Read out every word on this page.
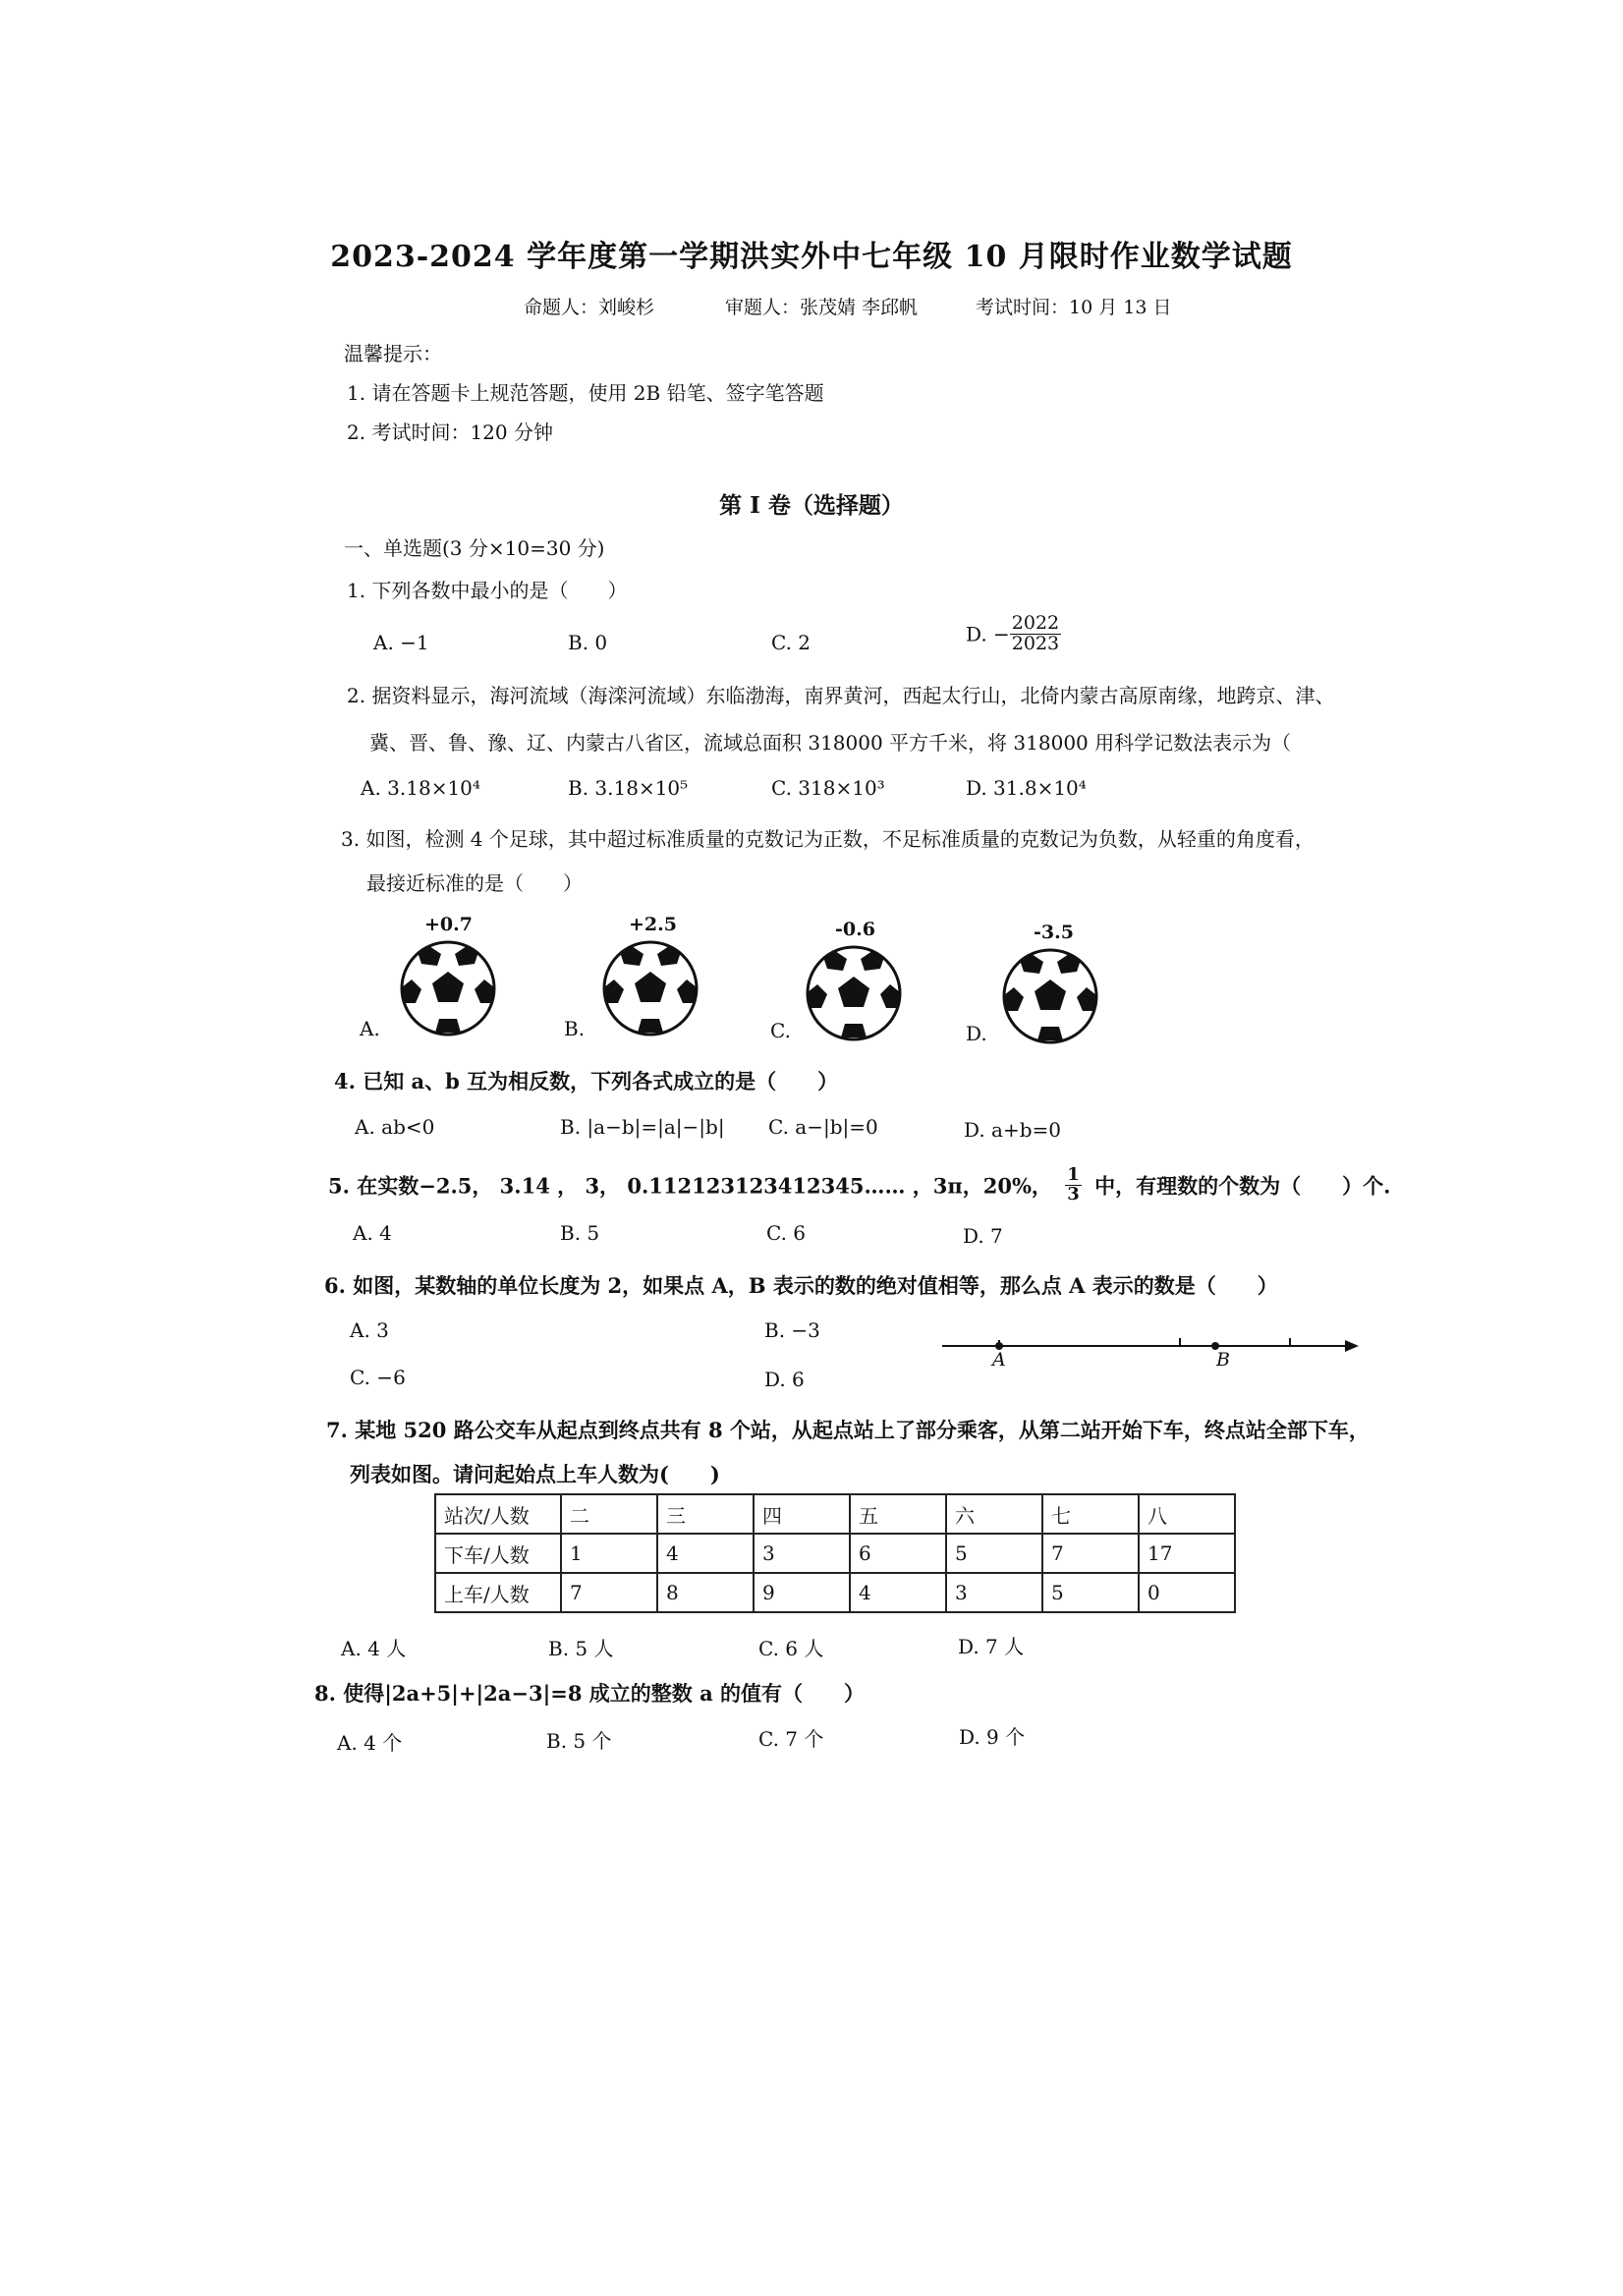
2023-2024 学年度第一学期洪实外中七年级 10 月限时作业数学试题
命题人：刘峻杉	审题人：张茂婧 李邱帆	考试时间：10 月 13 日
温馨提示：
1. 请在答题卡上规范答题，使用 2B 铅笔、签字笔答题
2. 考试时间：120 分钟
第 I 卷（选择题）
一、单选题(3 分×10=30 分)
1. 下列各数中最小的是（　　）
A. −1	B. 0	C. 2	D. − $\frac{2022}{2023}$
2. 据资料显示，海河流域（海滦河流域）东临渤海，南界黄河，西起太行山，北倚内蒙古高原南缘，地跨京、津、
冀、晋、鲁、豫、辽、内蒙古八省区，流域总面积 318000 平方千米，将 318000 用科学记数法表示为（
A. 3.18×10⁴	B. 3.18×10⁵	C. 318×10³	D. 31.8×10⁴
3. 如图，检测 4 个足球，其中超过标准质量的克数记为正数，不足标准质量的克数记为负数，从轻重的角度看，
最接近标准的是（　　）
+0.7	+2.5	-0.6	-3.5
A.	B.	C.	D.
4. 已知 a、b 互为相反数，下列各式成立的是（　　）
A. ab<0	B. |a−b|=|a|−|b| C. a−|b|=0	D. a+b=0
5. 在实数−2.5， 3.14 ， 3， 0.112123123412345…… ，3π，20%， $\frac{1}{3}$ 中，有理数的个数为（　　）个.
A. 4	B. 5	C. 6	D. 7
6. 如图，某数轴的单位长度为 2，如果点 A，B 表示的数的绝对值相等，那么点 A 表示的数是（　　）
A. 3	B. −3
C. −6	D. 6
A	B
7. 某地 520 路公交车从起点到终点共有 8 个站，从起点站上了部分乘客，从第二站开始下车，终点站全部下车，
列表如图。请问起始点上车人数为(　　)
站次/人数	二	三	四	五	六	七	八
下车/人数	1	4	3	6	5	7	17
上车/人数	7	8	9	4	3	5	0
A. 4 人	B. 5 人	C. 6 人	D. 7 人
8. 使得|2a+5|+|2a−3|=8 成立的整数 a 的值有（　　）
A. 4 个	B. 5 个	C. 7 个	D. 9 个
